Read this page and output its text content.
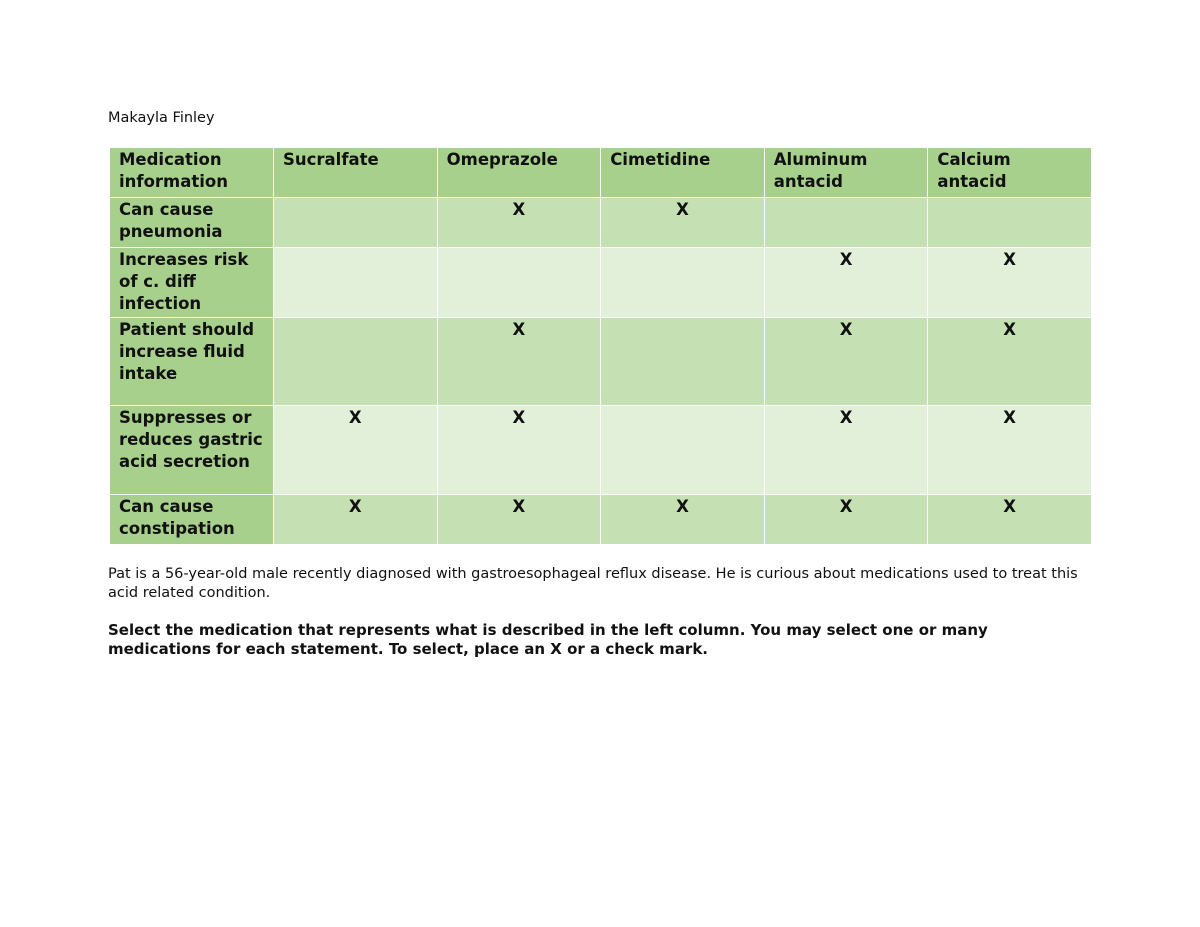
Makayla Finley
Medication information	Sucralfate	Omeprazole	Cimetidine	Aluminum antacid	Calcium antacid
Can cause pneumonia		X	X		
Increases risk of c. diff infection				X	X
Patient should increase fluid intake		X		X	X
Suppresses or reduces gastric acid secretion	X	X		X	X
Can cause constipation	X	X	X	X	X

Pat is a 56-year-old male recently diagnosed with gastroesophageal reflux disease. He is curious about medications used to treat this acid related condition.

Select the medication that represents what is described in the left column. You may select one or many medications for each statement. To select, place an X or a check mark.
